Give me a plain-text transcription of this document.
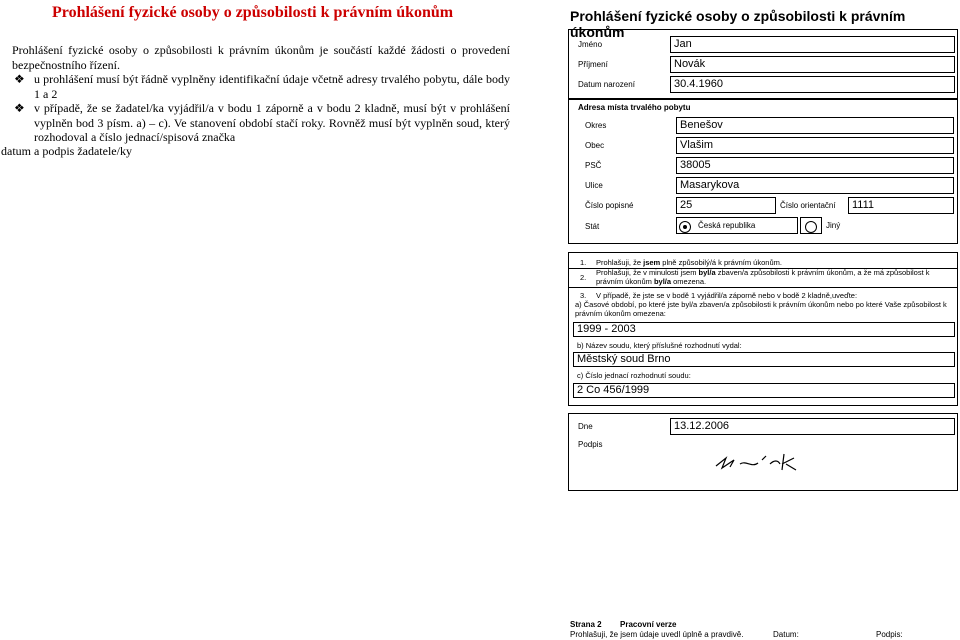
Prohlášení fyzické osoby o způsobilosti k právním úkonům
Prohlášení fyzické osoby o způsobilosti k právním úkonům je součástí každé žádosti o provedení bezpečnostního řízení.
❖ u prohlášení musí být řádně vyplněny identifikační údaje včetně adresy trvalého pobytu, dále body 1 a 2
❖ v případě, že se žadatel/ka vyjádřil/a v bodu 1 záporně a v bodu 2 kladně, musí být v prohlášení vyplněn bod 3 písm. a) – c). Ve stanovení období stačí roky. Rovněž musí být vyplněn soud, který rozhodoval a číslo jednací/spisová značka
datum a podpis žadatele/ky
Prohlášení fyzické osoby o způsobilosti k právním úkonům
Jméno	Jan
Příjmení	Novák
Datum narození	30.4.1960
Adresa místa trvalého pobytu
Okres	Benešov
Obec	Vlašim
PSČ	38005
Ulice	Masarykova
Číslo popisné	25	Číslo orientační	1111
Stát	Česká republika	Jiný
1. Prohlašuji, že jsem plně způsobilý/á k právním úkonům.
2.
Prohlašuji, že v minulosti jsem byl/a zbaven/a způsobilosti k právním úkonům, a že má způsobilost k právním úkonům byl/a omezena.
3. V případě, že jste se v bodě 1 vyjádřil/a záporně nebo v bodě 2 kladně,uveďte:
a) Časové období, po které jste byl/a zbaven/a způsobilosti k právním úkonům nebo po které Vaše způsobilost k právním úkonům omezena:
1999 - 2003
b) Název soudu, který příslušné rozhodnutí vydal:
Městský soud Brno
c) Číslo jednací rozhodnutí soudu:
2 Co 456/1999
Dne	13.12.2006
Podpis
Strana 2 Pracovní verze
Prohlašuji, že jsem údaje uvedl úplně a pravdivě.	Datum:	Podpis:
